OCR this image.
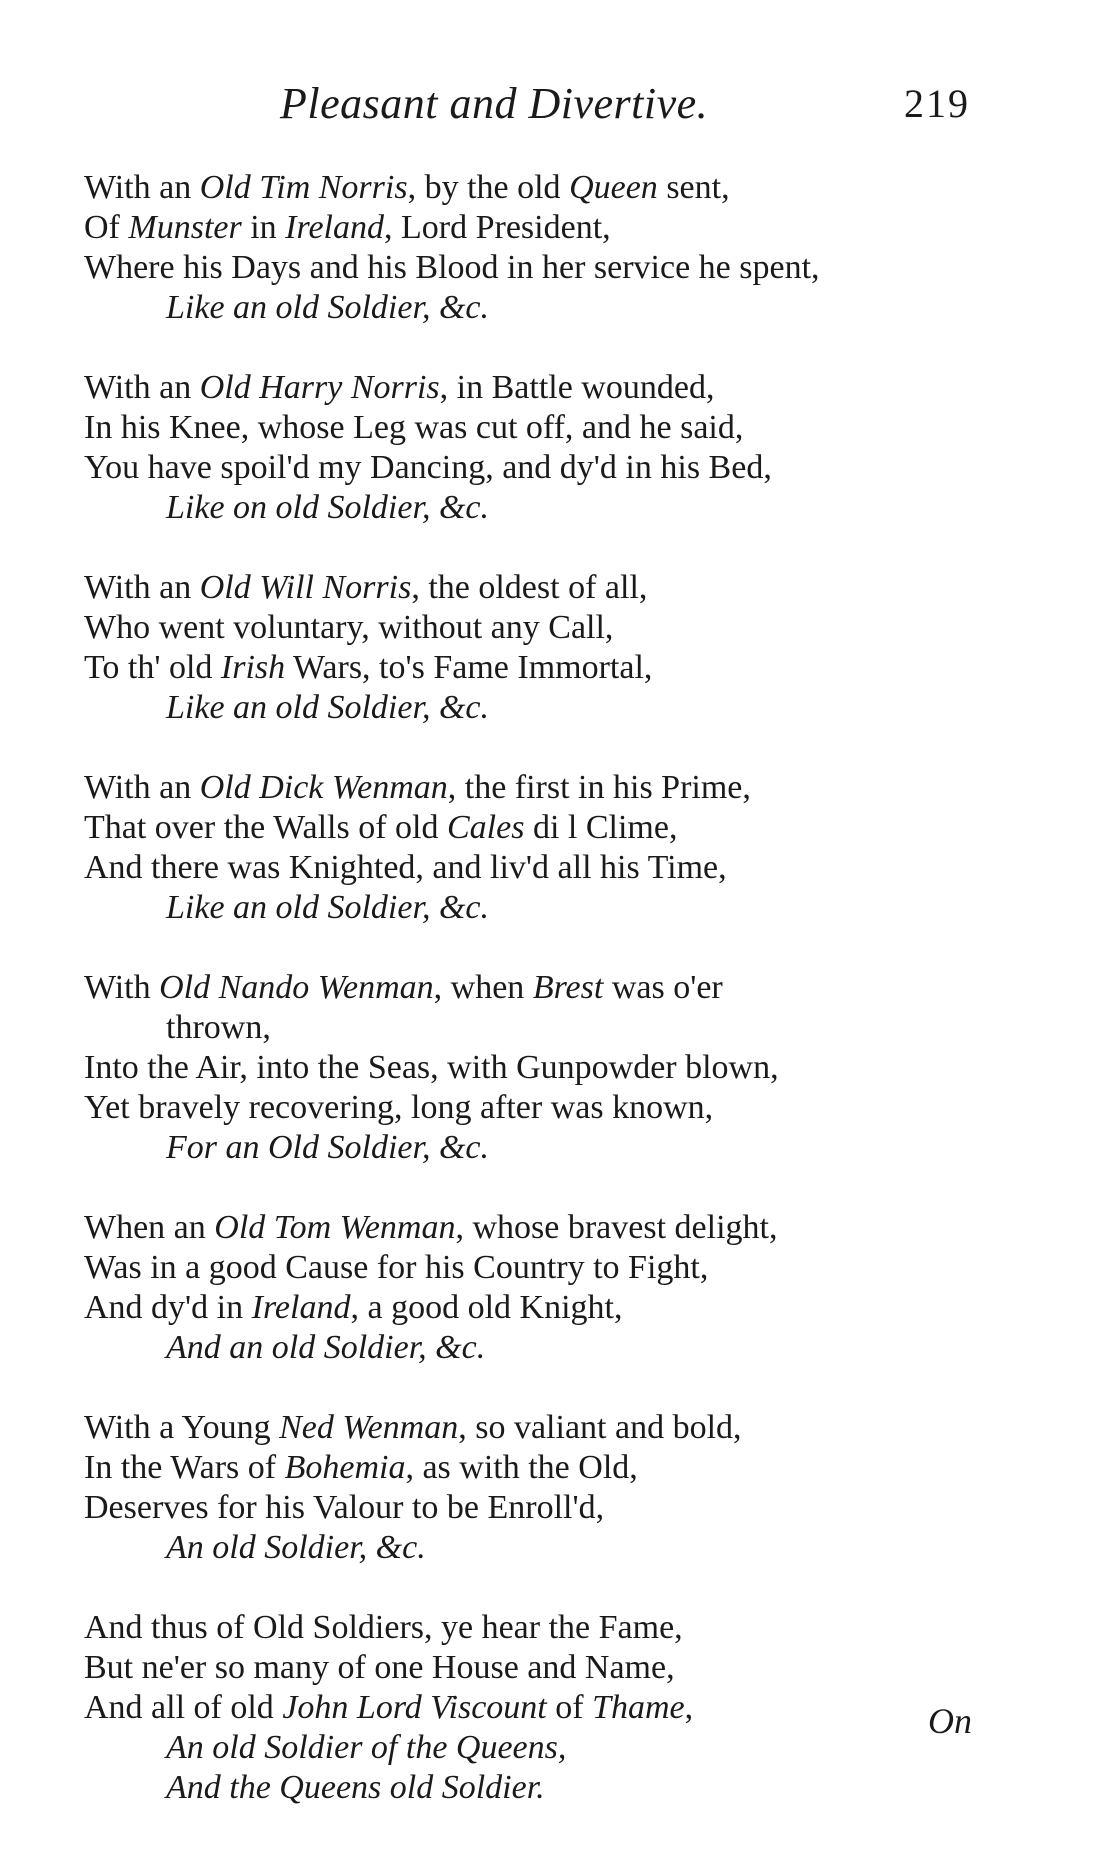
Pleasant and Divertive.	219
With an Old Tim Norris, by the old Queen sent,
Of Munster in Ireland, Lord President,
Where his Days and his Blood in her service he spent,
Like an old Soldier, &c.
With an Old Harry Norris, in Battle wounded,
In his Knee, whose Leg was cut off, and he said,
You have spoil'd my Dancing, and dy'd in his Bed,
Like on old Soldier, &c.
With an Old Will Norris, the oldest of all,
Who went voluntary, without any Call,
To th' old Irish Wars, to's Fame Immortal,
Like an old Soldier, &c.
With an Old Dick Wenman, the first in his Prime,
That over the Walls of old Cales di l Clime,
And there was Knighted, and liv'd all his Time,
Like an old Soldier, &c.
With Old Nando Wenman, when Brest was o'er
thrown,
Into the Air, into the Seas, with Gunpowder blown,
Yet bravely recovering, long after was known,
For an Old Soldier, &c.
When an Old Tom Wenman, whose bravest delight,
Was in a good Cause for his Country to Fight,
And dy'd in Ireland, a good old Knight,
And an old Soldier, &c.
With a Young Ned Wenman, so valiant and bold,
In the Wars of Bohemia, as with the Old,
Deserves for his Valour to be Enroll'd,
An old Soldier, &c.
And thus of Old Soldiers, ye hear the Fame,
But ne'er so many of one House and Name,
And all of old John Lord Viscount of Thame,
An old Soldier of the Queens,
And the Queens old Soldier.
On
